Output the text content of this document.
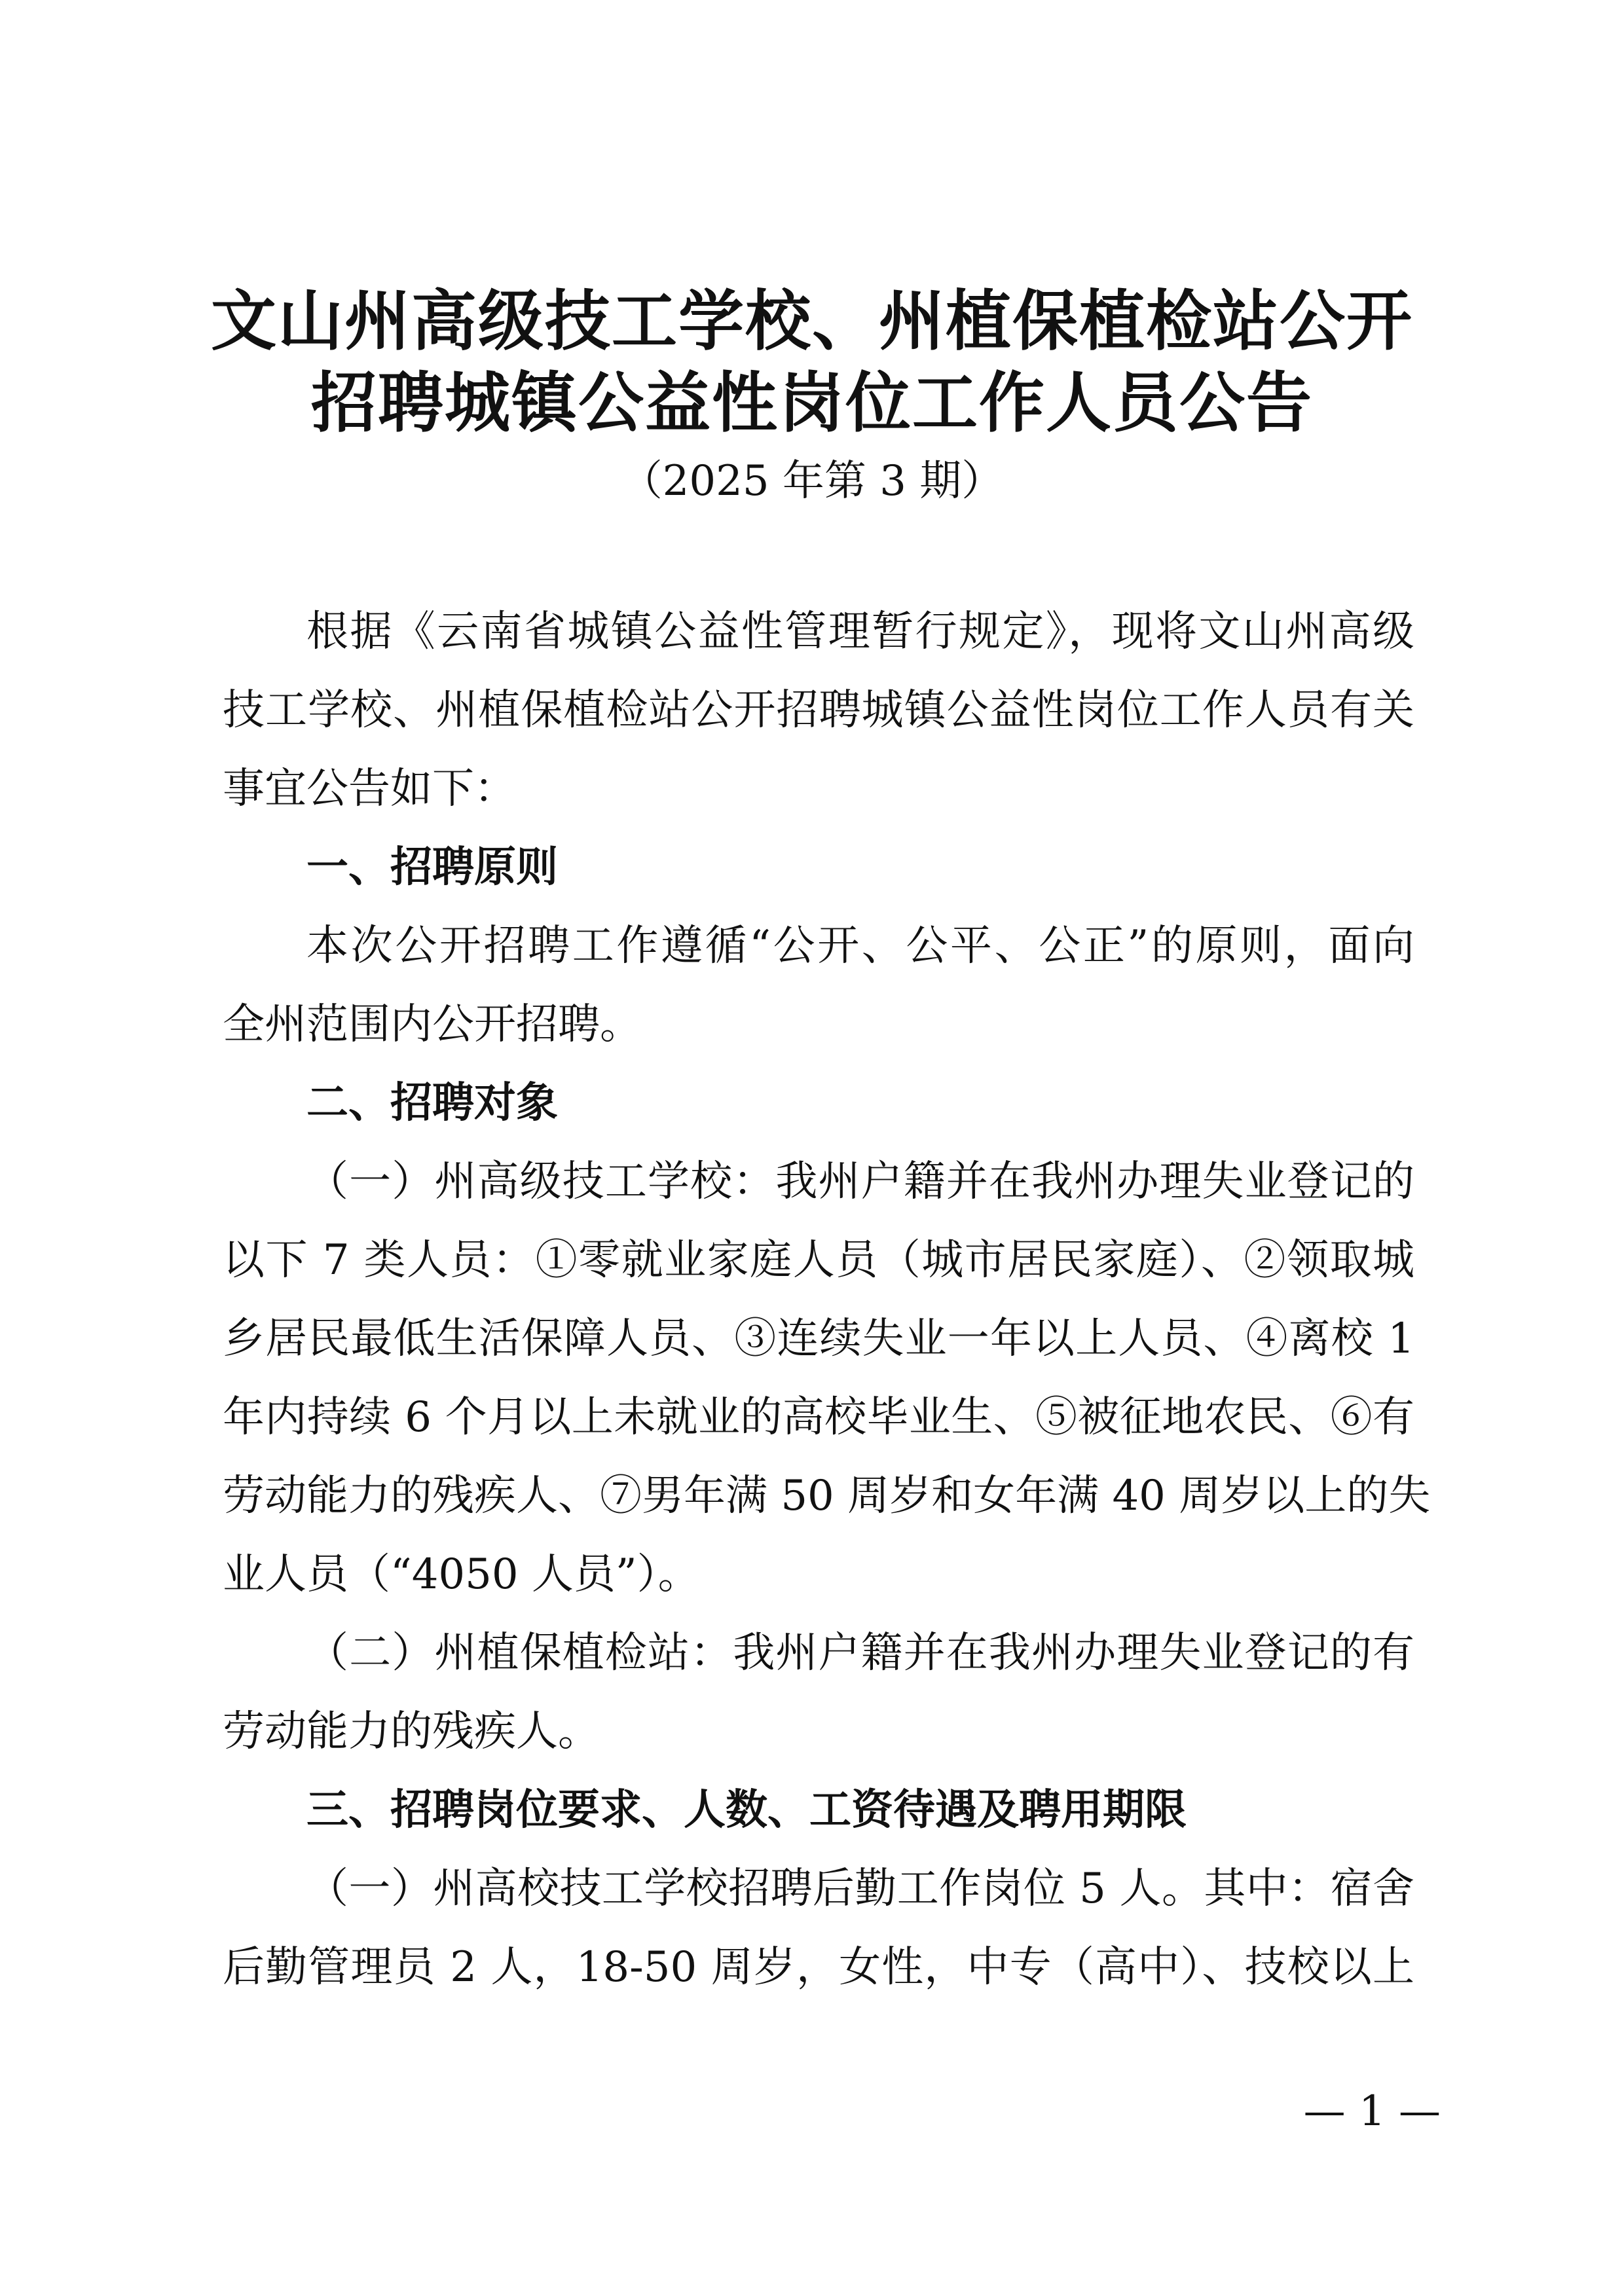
文山州高级技工学校、州植保植检站公开
招聘城镇公益性岗位工作人员公告
（2025 年第 3 期）
根据《云南省城镇公益性管理暂行规定》，现将文山州高级
技工学校、州植保植检站公开招聘城镇公益性岗位工作人员有关
事宜公告如下：
一、招聘原则
本次公开招聘工作遵循“公开、公平、公正”的原则，面向
全州范围内公开招聘。
二、招聘对象
（一）州高级技工学校：我州户籍并在我州办理失业登记的
以下 7 类人员：①零就业家庭人员（城市居民家庭）、②领取城
乡居民最低生活保障人员、③连续失业一年以上人员、④离校 1
年内持续 6 个月以上未就业的高校毕业生、⑤被征地农民、⑥有
劳动能力的残疾人、⑦男年满 50 周岁和女年满 40 周岁以上的失
业人员（“4050 人员”）。
（二）州植保植检站：我州户籍并在我州办理失业登记的有
劳动能力的残疾人。
三、招聘岗位要求、人数、工资待遇及聘用期限
（一）州高校技工学校招聘后勤工作岗位 5 人。其中：宿舍
后勤管理员 2 人，18-50 周岁，女性，中专（高中）、技校以上
— 1 —
